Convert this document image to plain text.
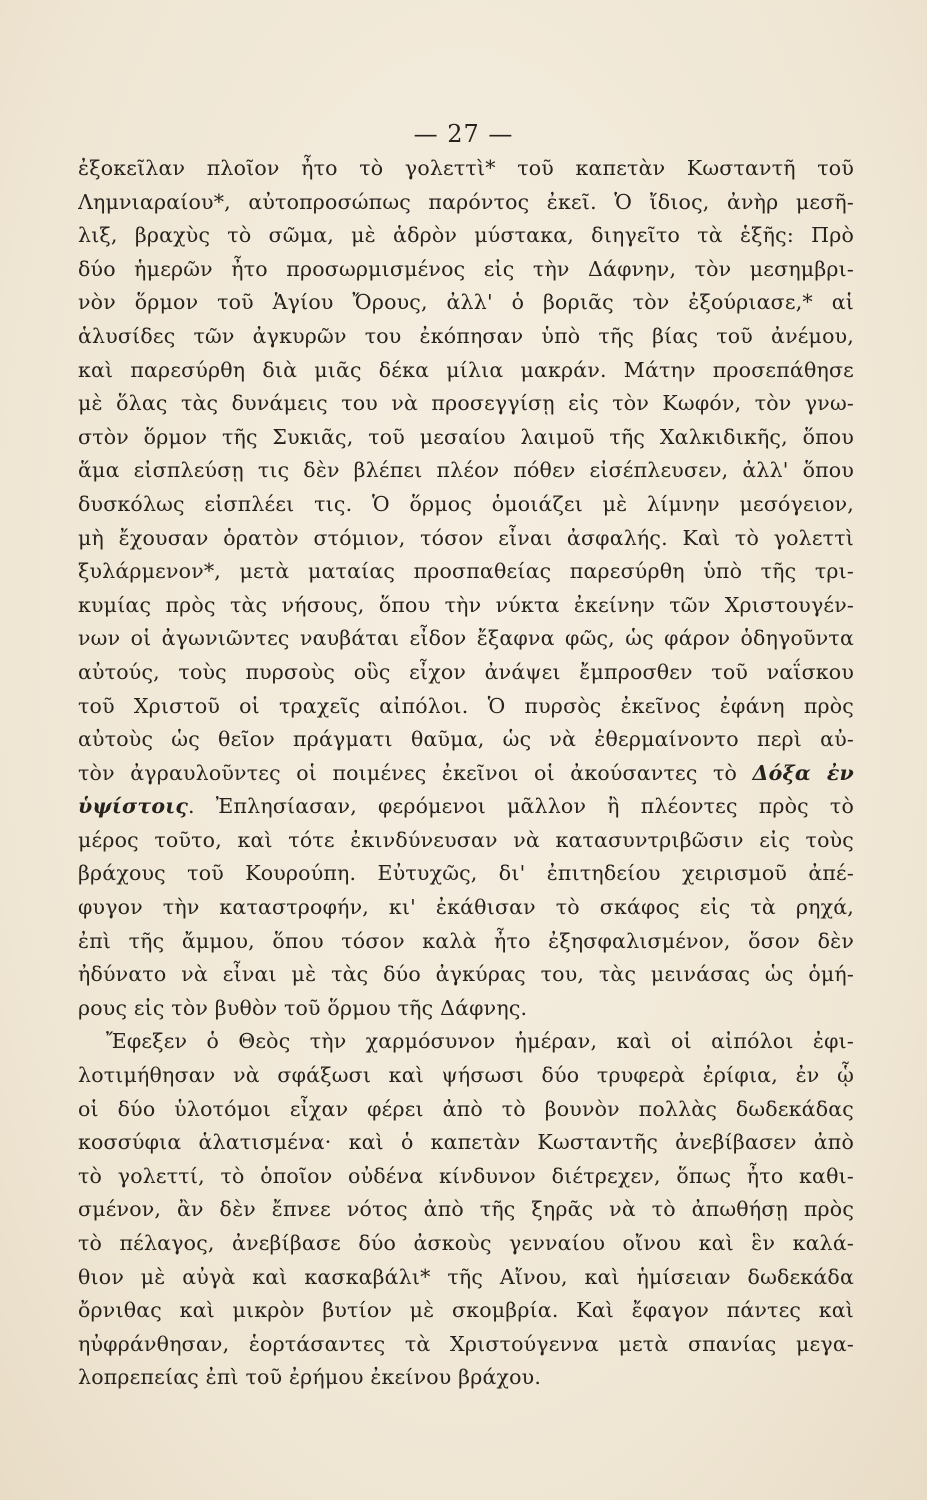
— 27 —
ἐξοκεῖλαν πλοῖον ἦτο τὸ γολεττὶ* τοῦ καπετὰν Κωσταντῆ τοῦ
Λημνιαραίου*, αὐτοπροσώπως παρόντος ἐκεῖ. Ὁ ἴδιος, ἀνὴρ μεσῆ-
λιξ, βραχὺς τὸ σῶμα, μὲ ἁδρὸν μύστακα, διηγεῖτο τὰ ἑξῆς: Πρὸ
δύο ἡμερῶν ἦτο προσωρμισμένος εἰς τὴν Δάφνην, τὸν μεσημβρι-
νὸν ὅρμον τοῦ Ἁγίου Ὄρους, ἀλλ' ὁ βοριᾶς τὸν ἐξούριασε,* αἱ
ἁλυσίδες τῶν ἀγκυρῶν του ἐκόπησαν ὑπὸ τῆς βίας τοῦ ἀνέμου,
καὶ παρεσύρθη διὰ μιᾶς δέκα μίλια μακράν. Μάτην προσεπάθησε
μὲ ὅλας τὰς δυνάμεις του νὰ προσεγγίσῃ εἰς τὸν Κωφόν, τὸν γνω-
στὸν ὅρμον τῆς Συκιᾶς, τοῦ μεσαίου λαιμοῦ τῆς Χαλκιδικῆς, ὅπου
ἅμα εἰσπλεύσῃ τις δὲν βλέπει πλέον πόθεν εἰσέπλευσεν, ἀλλ' ὅπου
δυσκόλως εἰσπλέει τις. Ὁ ὅρμος ὁμοιάζει μὲ λίμνην μεσόγειον,
μὴ ἔχουσαν ὁρατὸν στόμιον, τόσον εἶναι ἀσφαλής. Καὶ τὸ γολεττὶ
ξυλάρμενον*, μετὰ ματαίας προσπαθείας παρεσύρθη ὑπὸ τῆς τρι-
κυμίας πρὸς τὰς νήσους, ὅπου τὴν νύκτα ἐκείνην τῶν Χριστουγέν-
νων οἱ ἀγωνιῶντες ναυβάται εἶδον ἔξαφνα φῶς, ὡς φάρον ὁδηγοῦντα
αὐτούς, τοὺς πυρσοὺς οὓς εἶχον ἀνάψει ἔμπροσθεν τοῦ ναΐσκου
τοῦ Χριστοῦ οἱ τραχεῖς αἰπόλοι. Ὁ πυρσὸς ἐκεῖνος ἐφάνη πρὸς
αὐτοὺς ὡς θεῖον πράγματι θαῦμα, ὡς νὰ ἐθερμαίνοντο περὶ αὐ-
τὸν ἀγραυλοῦντες οἱ ποιμένες ἐκεῖνοι οἱ ἀκούσαντες τὸ Δόξα ἐν
ὑψίστοις. Ἐπλησίασαν, φερόμενοι μᾶλλον ἢ πλέοντες πρὸς τὸ
μέρος τοῦτο, καὶ τότε ἐκινδύνευσαν νὰ κατασυντριβῶσιν εἰς τοὺς
βράχους τοῦ Κουρούπη. Εὐτυχῶς, δι' ἐπιτηδείου χειρισμοῦ ἀπέ-
φυγον τὴν καταστροφήν, κι' ἐκάθισαν τὸ σκάφος εἰς τὰ ρηχά,
ἐπὶ τῆς ἄμμου, ὅπου τόσον καλὰ ἦτο ἐξησφαλισμένον, ὅσον δὲν
ἠδύνατο νὰ εἶναι μὲ τὰς δύο ἀγκύρας του, τὰς μεινάσας ὡς ὁμή-
ρους εἰς τὸν βυθὸν τοῦ ὅρμου τῆς Δάφνης.
Ἔφεξεν ὁ Θεὸς τὴν χαρμόσυνον ἡμέραν, καὶ οἱ αἰπόλοι ἐφι-
λοτιμήθησαν νὰ σφάξωσι καὶ ψήσωσι δύο τρυφερὰ ἐρίφια, ἐν ᾧ
οἱ δύο ὑλοτόμοι εἶχαν φέρει ἀπὸ τὸ βουνὸν πολλὰς δωδεκάδας
κοσσύφια ἁλατισμένα· καὶ ὁ καπετὰν Κωσταντῆς ἀνεβίβασεν ἀπὸ
τὸ γολεττί, τὸ ὁποῖον οὐδένα κίνδυνον διέτρεχεν, ὅπως ἦτο καθι-
σμένον, ἂν δὲν ἔπνεε νότος ἀπὸ τῆς ξηρᾶς νὰ τὸ ἀπωθήσῃ πρὸς
τὸ πέλαγος, ἀνεβίβασε δύο ἀσκοὺς γενναίου οἴνου καὶ ἓν καλά-
θιον μὲ αὐγὰ καὶ κασκαβάλι* τῆς Αἴνου, καὶ ἡμίσειαν δωδεκάδα
ὄρνιθας καὶ μικρὸν βυτίον μὲ σκομβρία. Καὶ ἔφαγον πάντες καὶ
ηὐφράνθησαν, ἑορτάσαντες τὰ Χριστούγεννα μετὰ σπανίας μεγα-
λοπρεπείας ἐπὶ τοῦ ἐρήμου ἐκείνου βράχου.
